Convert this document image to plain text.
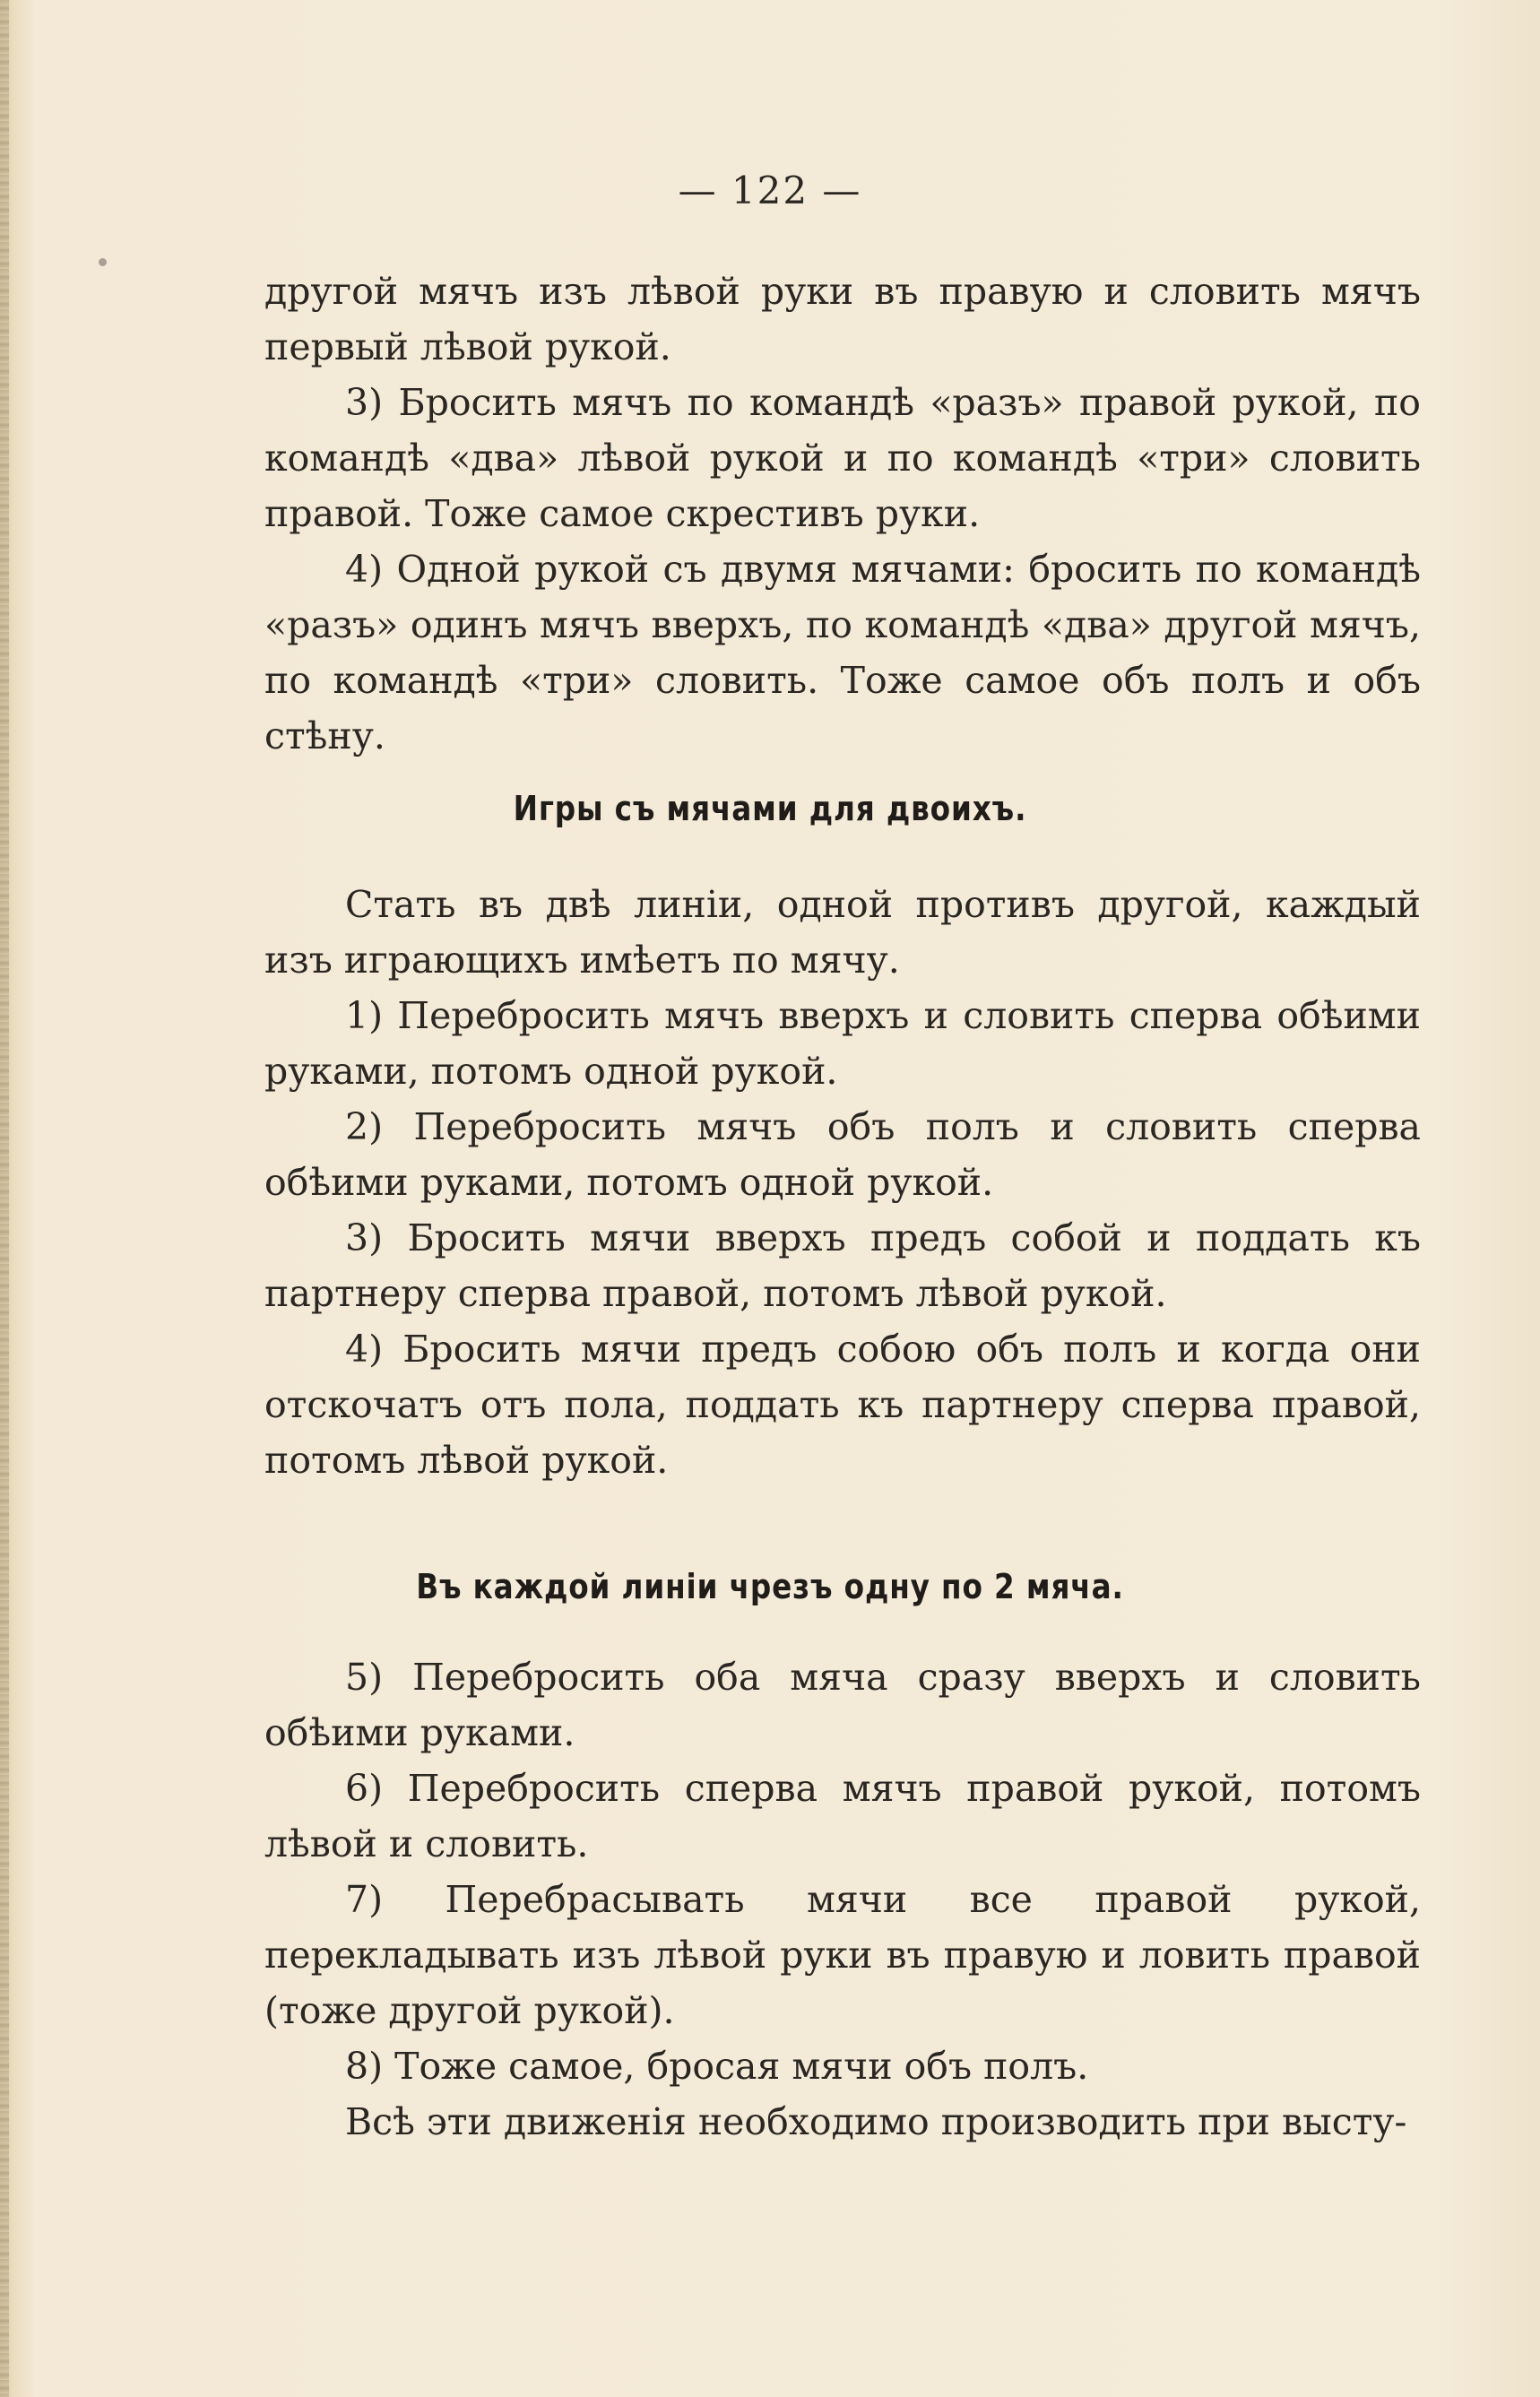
— 122 —

другой мячъ изъ лѣвой руки въ правую и словить мячъ первый лѣвой рукой.

3) Бросить мячъ по командѣ «разъ» правой рукой, по командѣ «два» лѣвой рукой и по командѣ «три» словить правой. Тоже самое скрестивъ руки.

4) Одной рукой съ двумя мячами: бросить по командѣ «разъ» одинъ мячъ вверхъ, по командѣ «два» другой мячъ, по командѣ «три» словить. Тоже самое объ полъ и объ стѣну.

Игры съ мячами для двоихъ.

Стать въ двѣ линіи, одной противъ другой, каждый изъ играющихъ имѣетъ по мячу.

1) Перебросить мячъ вверхъ и словить сперва обѣими руками, потомъ одной рукой.

2) Перебросить мячъ объ полъ и словить сперва обѣими руками, потомъ одной рукой.

3) Бросить мячи вверхъ предъ собой и поддать къ партнеру сперва правой, потомъ лѣвой рукой.

4) Бросить мячи предъ собою объ полъ и когда они отскочатъ отъ пола, поддать къ партнеру сперва правой, потомъ лѣвой рукой.

Въ каждой линіи чрезъ одну по 2 мяча.

5) Перебросить оба мяча сразу вверхъ и словить обѣими руками.

6) Перебросить сперва мячъ правой рукой, потомъ лѣвой и словить.

7) Перебрасывать мячи все правой рукой, перекладывать изъ лѣвой руки въ правую и ловить правой (тоже другой рукой).

8) Тоже самое, бросая мячи объ полъ.

Всѣ эти движенія необходимо производить при высту-
